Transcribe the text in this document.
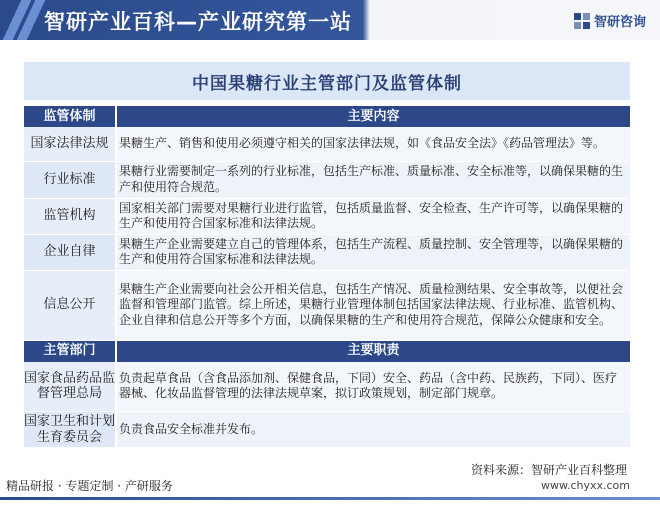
智研产业百科—产业研究第一站	智研咨询
中国果糖行业主管部门及监管体制
监管体制	主要内容
国家法律法规	果糖生产、销售和使用必须遵守相关的国家法律法规，如《食品安全法》《药品管理法》等。
行业标准	果糖行业需要制定一系列的行业标准，包括生产标准、质量标准、安全标准等，以确保果糖的生产和使用符合规范。
监管机构	国家相关部门需要对果糖行业进行监管，包括质量监督、安全检查、生产许可等，以确保果糖的生产和使用符合国家标准和法律法规。
企业自律	果糖生产企业需要建立自己的管理体系，包括生产流程、质量控制、安全管理等，以确保果糖的生产和使用符合国家标准和法律法规。
信息公开	果糖生产企业需要向社会公开相关信息，包括生产情况、质量检测结果、安全事故等，以便社会监督和管理部门监管。综上所述，果糖行业管理体制包括国家法律法规、行业标准、监管机构、企业自律和信息公开等多个方面，以确保果糖的生产和使用符合规范，保障公众健康和安全。
主管部门	主要职责
国家食品药品监督管理总局	负责起草食品（含食品添加剂、保健食品，下同）安全、药品（含中药、民族药，下同）、医疗器械、化妆品监督管理的法律法规草案，拟订政策规划，制定部门规章。
国家卫生和计划生育委员会	负责食品安全标准并发布。
资料来源：智研产业百科整理
www.chyxx.com
精品研报 · 专题定制 · 产研服务
